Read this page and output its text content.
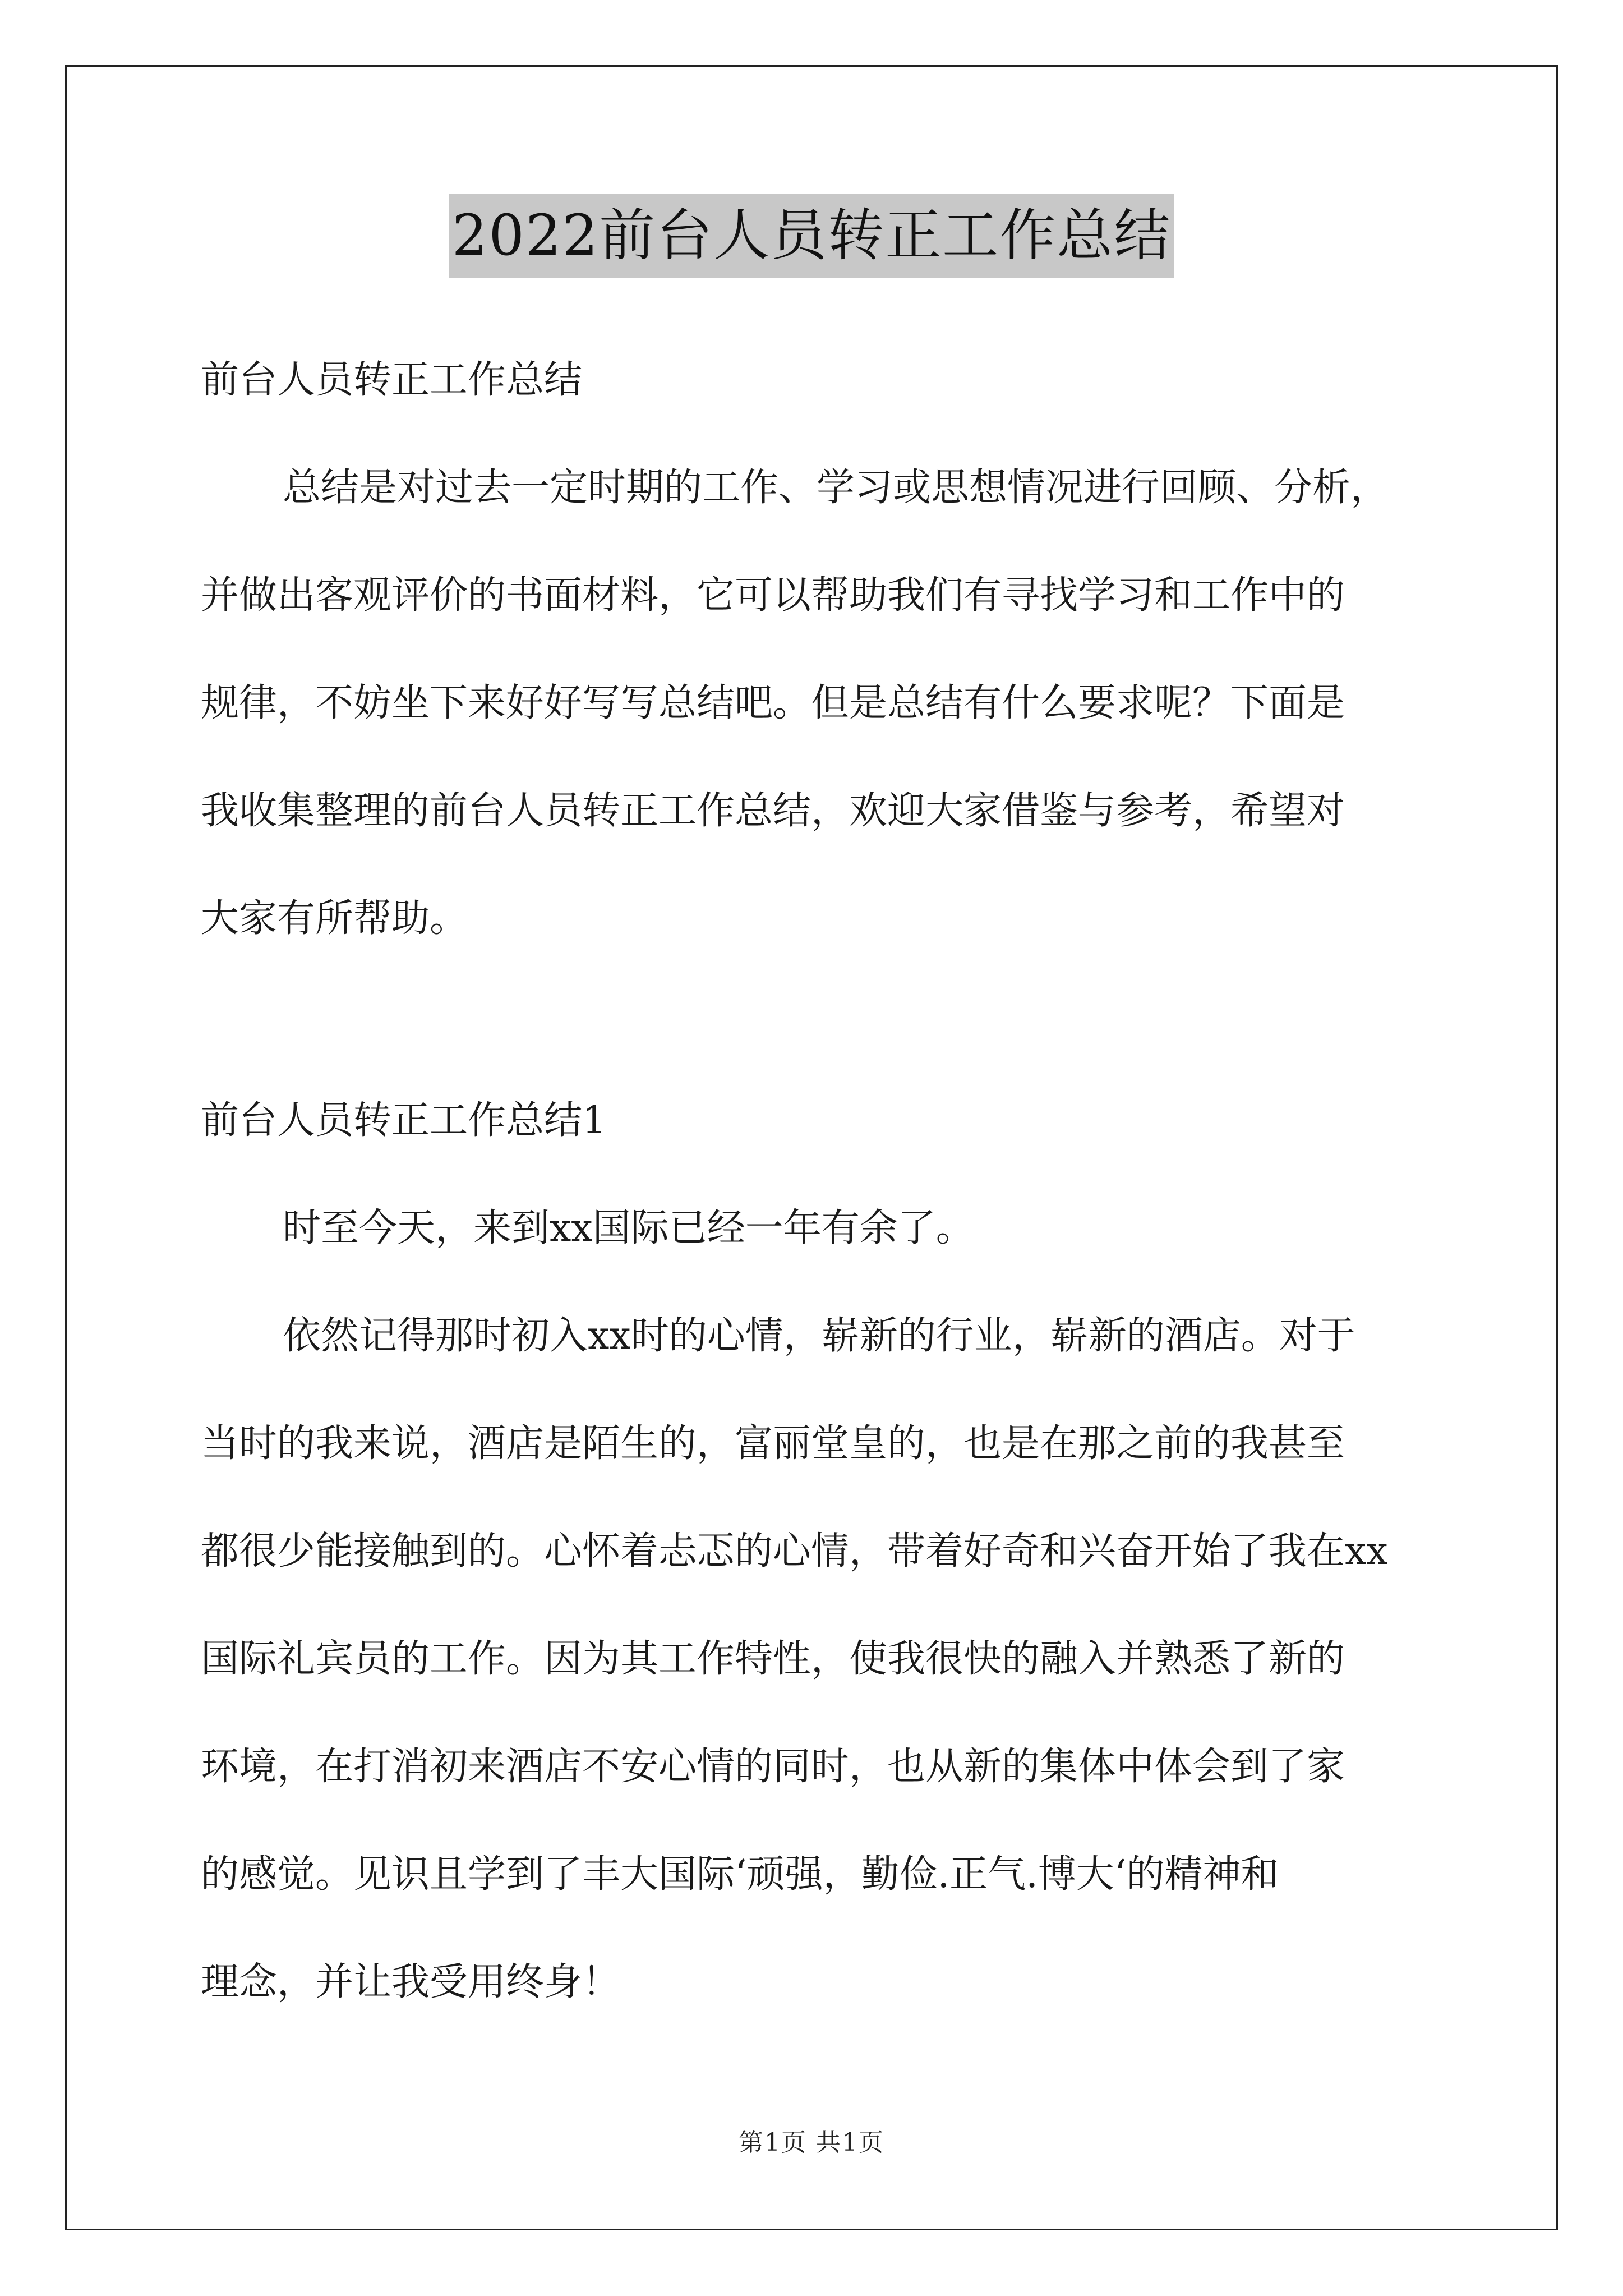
2022前台人员转正工作总结
前台人员转正工作总结
总结是对过去一定时期的工作、学习或思想情况进行回顾、分析，
并做出客观评价的书面材料，它可以帮助我们有寻找学习和工作中的
规律，不妨坐下来好好写写总结吧。但是总结有什么要求呢？下面是
我收集整理的前台人员转正工作总结，欢迎大家借鉴与参考，希望对
大家有所帮助。
前台人员转正工作总结1
时至今天，来到xx国际已经一年有余了。
依然记得那时初入xx时的心情，崭新的行业，崭新的酒店。对于
当时的我来说，酒店是陌生的，富丽堂皇的，也是在那之前的我甚至
都很少能接触到的。心怀着忐忑的心情，带着好奇和兴奋开始了我在xx
国际礼宾员的工作。因为其工作特性，使我很快的融入并熟悉了新的
环境，在打消初来酒店不安心情的同时，也从新的集体中体会到了家
的感觉。见识且学到了丰大国际‘顽强，勤俭.正气.博大‘的精神和
理念，并让我受用终身！
第1页 共1页
